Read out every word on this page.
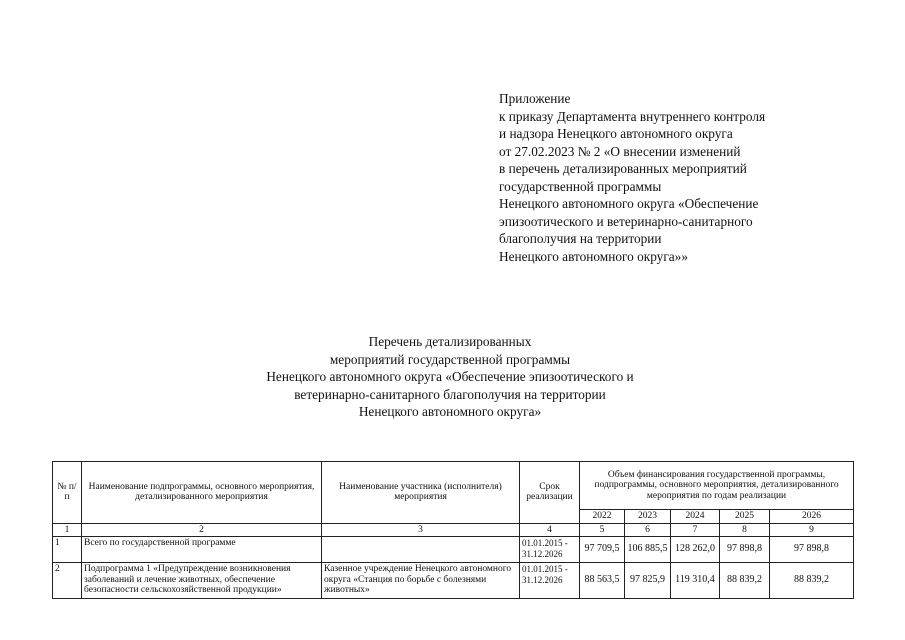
Приложение
к приказу Департамента внутреннего контроля
и надзора Ненецкого автономного округа
от 27.02.2023 № 2 «О внесении изменений
в перечень детализированных мероприятий
государственной программы
Ненецкого автономного округа «Обеспечение
эпизоотического и ветеринарно-санитарного
благополучия на территории
Ненецкого автономного округа»»
Перечень детализированных
мероприятий государственной программы
Ненецкого автономного округа «Обеспечение эпизоотического и
ветеринарно-санитарного благополучия на территории
Ненецкого автономного округа»
№ п/п	Наименование подпрограммы, основного мероприятия, детализированного мероприятия	Наименование участника (исполнителя) мероприятия	Срок реализации	Объем финансирования государственной программы, подпрограммы, основного мероприятия, детализированного мероприятия по годам реализации				
				2022	2023	2024	2025	2026
1	2	3	4	5	6	7	8	9
1	Всего по государственной программе		01.01.2015 - 31.12.2026	97 709,5	106 885,5	128 262,0	97 898,8	97 898,8
2	Подпрограмма 1 «Предупреждение возникновения заболеваний и лечение животных, обеспечение безопасности сельскохозяйственной продукции»	Казенное учреждение Ненецкого автономного округа «Станция по борьбе с болезнями животных»	01.01.2015 - 31.12.2026	88 563,5	97 825,9	119 310,4	88 839,2	88 839,2
